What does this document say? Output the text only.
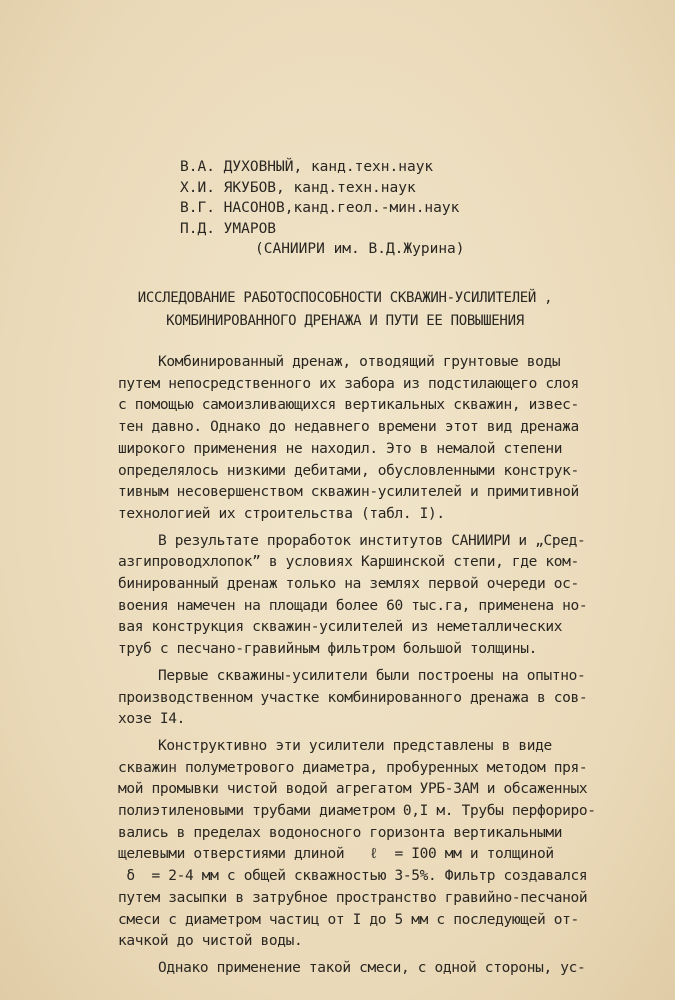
В.А. ДУХОВНЫЙ, канд.техн.наук
Х.И. ЯКУБОВ, канд.техн.наук
В.Г. НАСОНОВ,канд.геол.-мин.наук
П.Д. УМАРОВ
(САНИИРИ им. В.Д.Журина)
ИССЛЕДОВАНИЕ РАБОТОСПОСОБНОСТИ СКВАЖИН-УСИЛИТЕЛЕЙ ,
КОМБИНИРОВАННОГО ДРЕНАЖА И ПУТИ ЕЕ ПОВЫШЕНИЯ
Комбинированный дренаж, отводящий грунтовые воды
путем непосредственного их забора из подстилающего слоя
с помощью самоизливающихся вертикальных скважин, извес-
тен давно. Однако до недавнего времени этот вид дренажа
широкого применения не находил. Это в немалой степени
определялось низкими дебитами, обусловленными конструк-
тивным несовершенством скважин-усилителей и примитивной
технологией их строительства (табл. I).
В результате проработок институтов САНИИРИ и „Сред-
азгипроводхлопок” в условиях Каршинской степи, где ком-
бинированный дренаж только на землях первой очереди ос-
воения намечен на площади более 60 тыс.га, применена но-
вая конструкция скважин-усилителей из неметаллических
труб с песчано-гравийным фильтром большой толщины.
Первые скважины-усилители были построены на опытно-
производственном участке комбинированного дренажа в сов-
хозе I4.
Конструктивно эти усилители представлены в виде
скважин полуметрового диаметра, пробуренных методом пря-
мой промывки чистой водой агрегатом УРБ-3АМ и обсаженных
полиэтиленовыми трубами диаметром 0,I м. Трубы перфориро-
вались в пределах водоносного горизонта вертикальными
щелевыми отверстиями длиной   ℓ  = I00 мм и толщиной
δ  = 2-4 мм с общей скважностью 3-5%. Фильтр создавался
путем засыпки в затрубное пространство гравийно-песчаной
смеси с диаметром частиц от I до 5 мм с последующей от-
качкой до чистой воды.
Однако применение такой смеси, с одной стороны, ус-
